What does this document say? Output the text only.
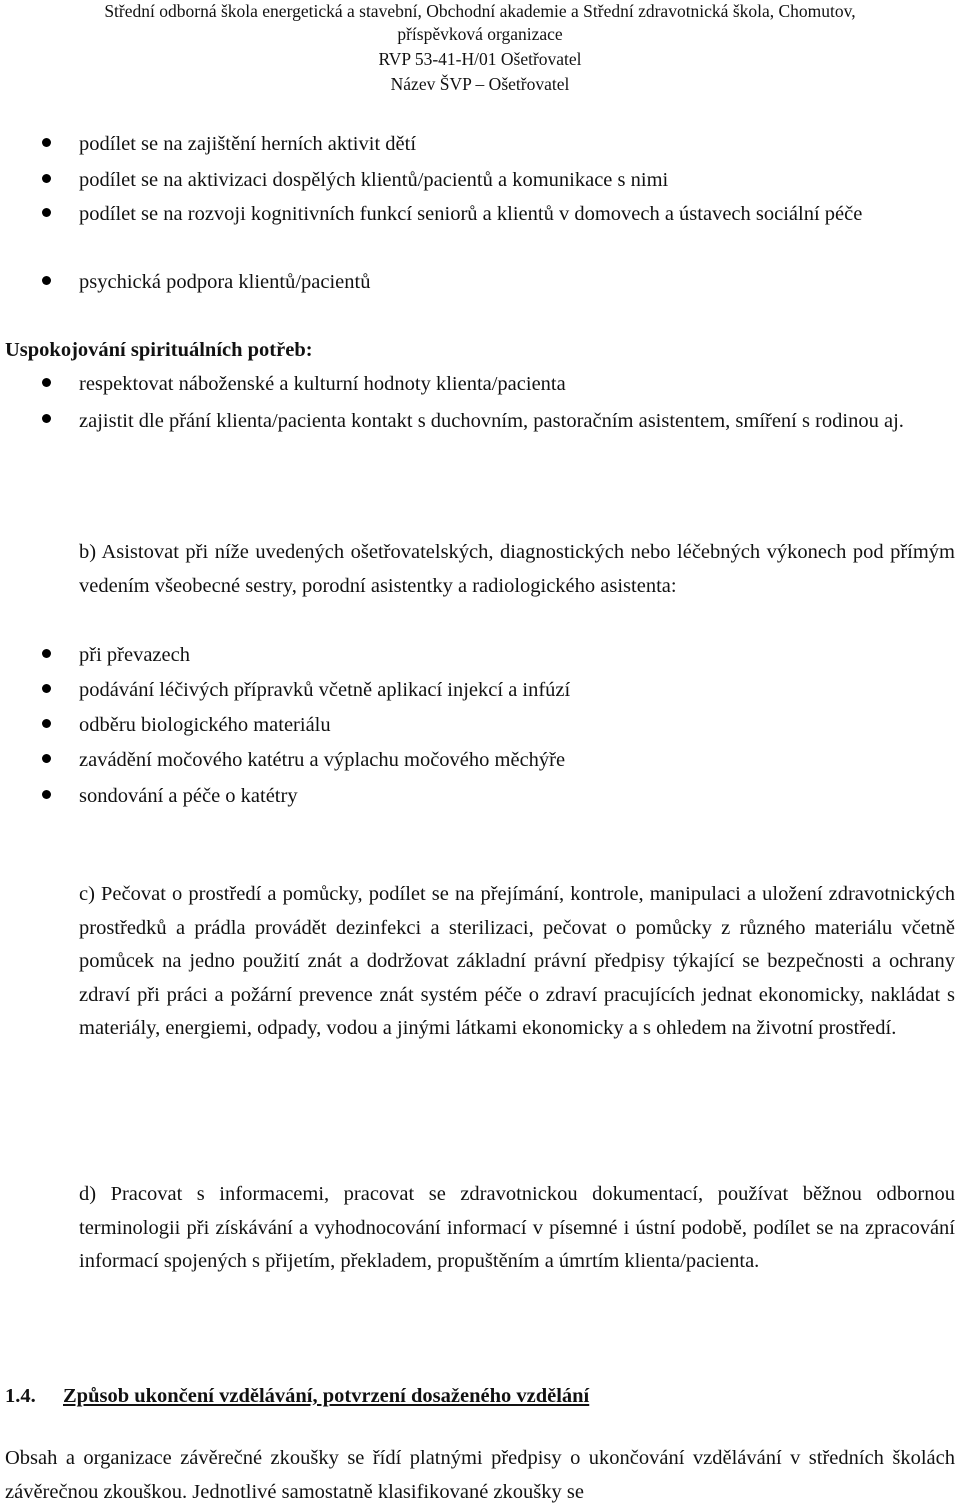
Střední odborná škola energetická a stavební, Obchodní akademie a Střední zdravotnická škola, Chomutov,
příspěvková organizace
RVP 53-41-H/01 Ošetřovatel
Název ŠVP – Ošetřovatel
podílet se na zajištění herních aktivit dětí
podílet se na aktivizaci dospělých klientů/pacientů a komunikace s nimi
podílet se na rozvoji kognitivních funkcí seniorů a klientů v domovech a ústavech sociální péče
psychická podpora klientů/pacientů
Uspokojování spirituálních potřeb:
respektovat náboženské a kulturní hodnoty klienta/pacienta
zajistit dle přání klienta/pacienta kontakt s duchovním, pastoračním asistentem, smíření s rodinou aj.
b) Asistovat při níže uvedených ošetřovatelských, diagnostických nebo léčebných výkonech pod přímým vedením všeobecné sestry, porodní asistentky a radiologického asistenta:
při převazech
podávání léčivých přípravků včetně aplikací injekcí a infúzí
odběru biologického materiálu
zavádění močového katétru a výplachu močového měchýře
sondování a péče o katétry
c) Pečovat o prostředí a pomůcky, podílet se na přejímání, kontrole, manipulaci a uložení zdravotnických prostředků a prádla provádět dezinfekci a sterilizaci, pečovat o pomůcky z různého materiálu včetně pomůcek na jedno použití znát a dodržovat základní právní předpisy týkající se bezpečnosti a ochrany zdraví při práci a požární prevence znát systém péče o zdraví pracujících jednat ekonomicky, nakládat s materiály, energiemi, odpady, vodou a jinými látkami ekonomicky a s ohledem na životní prostředí.
d) Pracovat s informacemi, pracovat se zdravotnickou dokumentací, používat běžnou odbornou terminologii při získávání a vyhodnocování informací v písemné i ústní podobě, podílet se na zpracování informací spojených s přijetím, překladem, propuštěním a úmrtím klienta/pacienta.
1.4. Způsob ukončení vzdělávání, potvrzení dosaženého vzdělání
Obsah a organizace závěrečné zkoušky se řídí platnými předpisy o ukončování vzdělávání v středních školách závěrečnou zkouškou. Jednotlivé samostatně klasifikované zkoušky se
